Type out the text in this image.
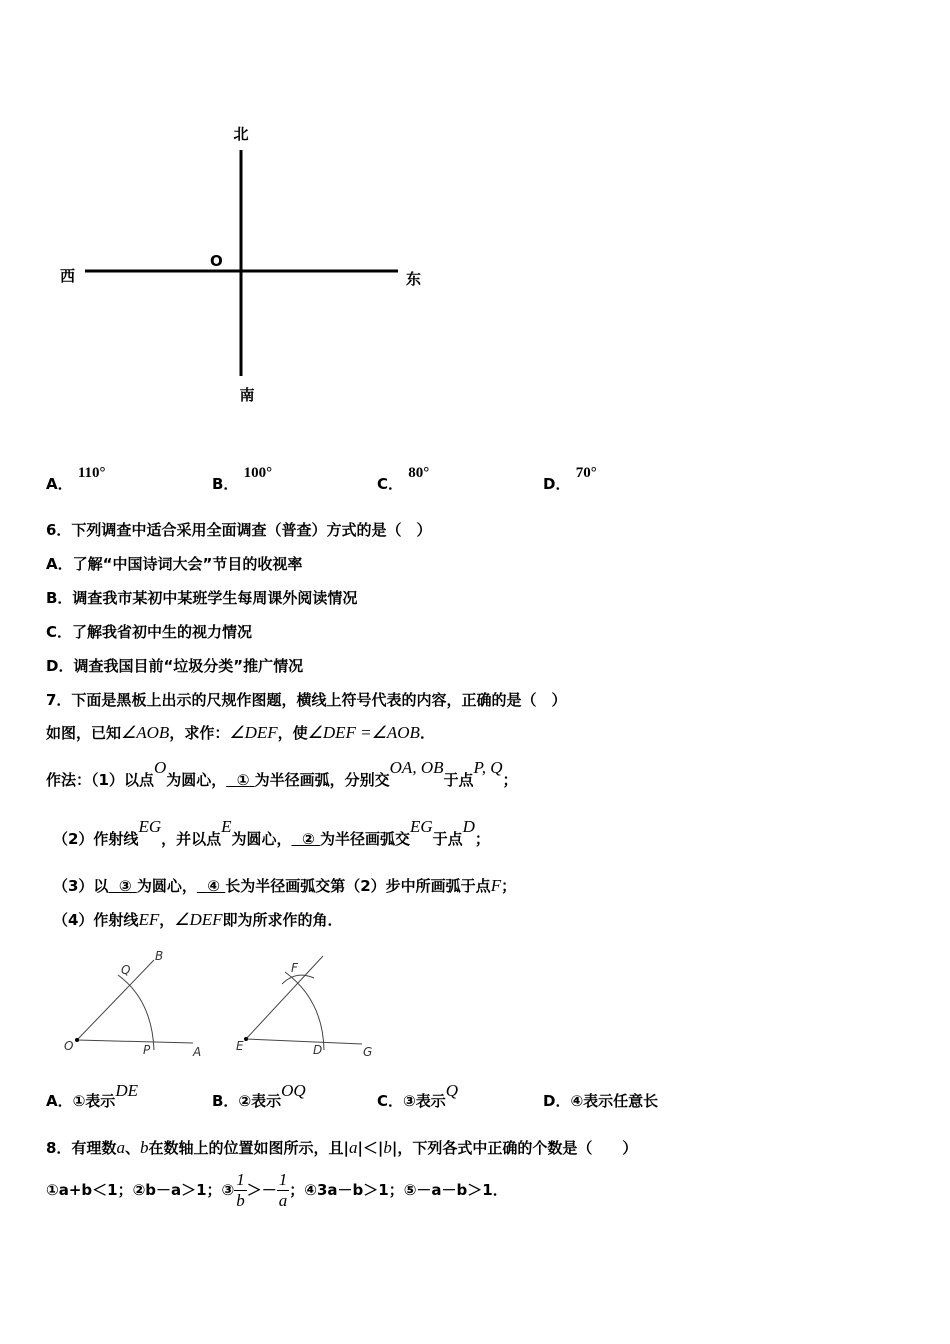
北
南
西	东
O
A． 110°
B． 100°
C． 80°
D． 70°
6．下列调查中适合采用全面调查（普查）方式的是（　）
A．了解“中国诗词大会”节目的收视率
B．调查我市某初中某班学生每周课外阅读情况
C．了解我省初中生的视力情况
D．调查我国目前“垃圾分类”推广情况
7．下面是黑板上出示的尺规作图题，横线上符号代表的内容，正确的是（　）
如图，已知∠AOB，求作：∠DEF，使∠DEF =∠AOB．
作法：（1）以点O为圆心， ① 为半径画弧，分别交OA, OB于点P, Q；
（2）作射线EG，并以点E为圆心， ② 为半径画弧交EG于点D；
（3）以 ③ 为圆心， ④ 长为半径画弧交第（2）步中所画弧于点F；
（4）作射线EF，∠DEF即为所求作的角．
O	P	A
Q
B
E	D	G
F
A．①表示DE
B．②表示OQ
C．③表示Q
D．④表示任意长
8．有理数a、b在数轴上的位置如图所示，且|a|＜|b|，下列各式中正确的个数是（　　）
①a+b＜1；②b－a＞1；③ $\frac{1}{b} >- \frac{1}{a}$ ；④3a－b＞1；⑤－a－b＞1．
